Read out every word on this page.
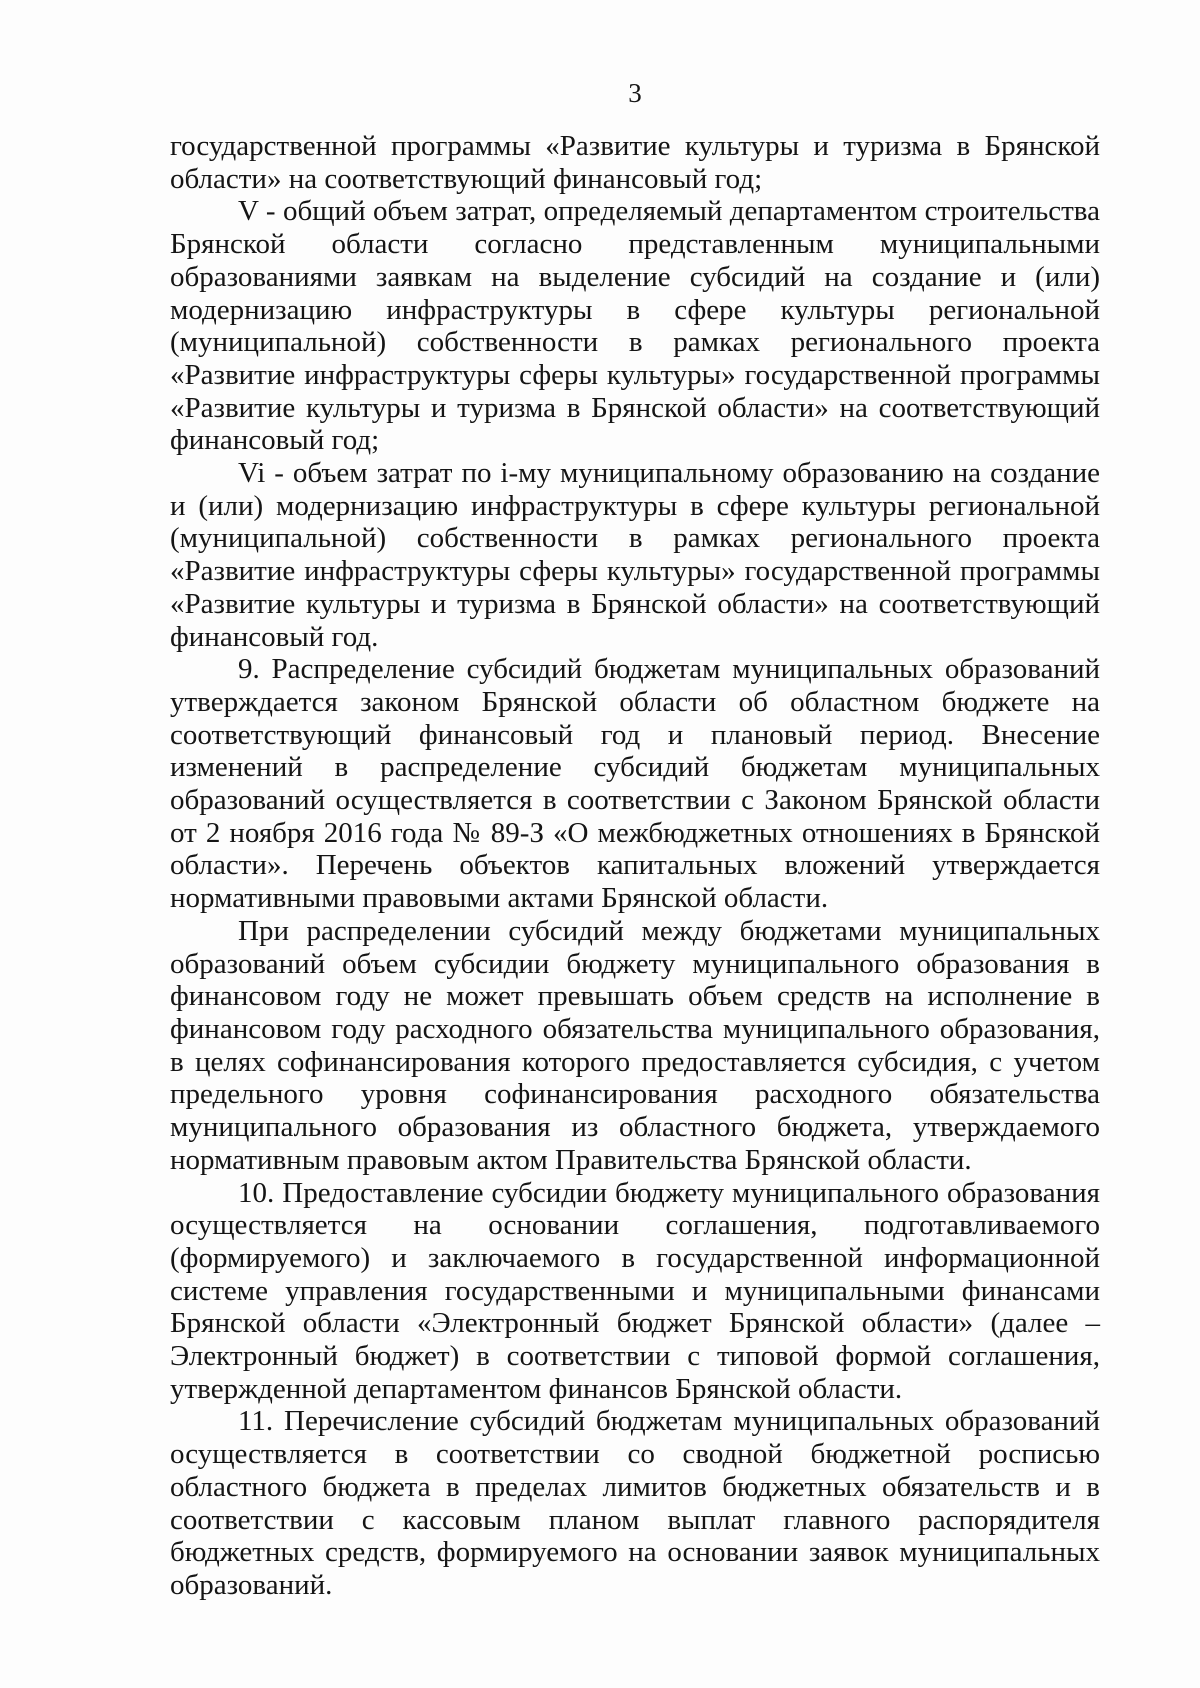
3

государственной программы «Развитие культуры и туризма в Брянской области» на соответствующий финансовый год;

V - общий объем затрат, определяемый департаментом строительства Брянской области согласно представленным муниципальными образованиями заявкам на выделение субсидий на создание и (или) модернизацию инфраструктуры в сфере культуры региональной (муниципальной) собственности в рамках регионального проекта «Развитие инфраструктуры сферы культуры» государственной программы «Развитие культуры и туризма в Брянской области» на соответствующий финансовый год;

Vi - объем затрат по i-му муниципальному образованию на создание и (или) модернизацию инфраструктуры в сфере культуры региональной (муниципальной) собственности в рамках регионального проекта «Развитие инфраструктуры сферы культуры» государственной программы «Развитие культуры и туризма в Брянской области» на соответствующий финансовый год.

9. Распределение субсидий бюджетам муниципальных образований утверждается законом Брянской области об областном бюджете на соответствующий финансовый год и плановый период. Внесение изменений в распределение субсидий бюджетам муниципальных образований осуществляется в соответствии с Законом Брянской области от 2 ноября 2016 года № 89-З «О межбюджетных отношениях в Брянской области». Перечень объектов капитальных вложений утверждается нормативными правовыми актами Брянской области.

При распределении субсидий между бюджетами муниципальных образований объем субсидии бюджету муниципального образования в финансовом году не может превышать объем средств на исполнение в финансовом году расходного обязательства муниципального образования, в целях софинансирования которого предоставляется субсидия, с учетом предельного уровня софинансирования расходного обязательства муниципального образования из областного бюджета, утверждаемого нормативным правовым актом Правительства Брянской области.

10. Предоставление субсидии бюджету муниципального образования осуществляется на основании соглашения, подготавливаемого (формируемого) и заключаемого в государственной информационной системе управления государственными и муниципальными финансами Брянской области «Электронный бюджет Брянской области» (далее – Электронный бюджет) в соответствии с типовой формой соглашения, утвержденной департаментом финансов Брянской области.

11. Перечисление субсидий бюджетам муниципальных образований осуществляется в соответствии со сводной бюджетной росписью областного бюджета в пределах лимитов бюджетных обязательств и в соответствии с кассовым планом выплат главного распорядителя бюджетных средств, формируемого на основании заявок муниципальных образований.
